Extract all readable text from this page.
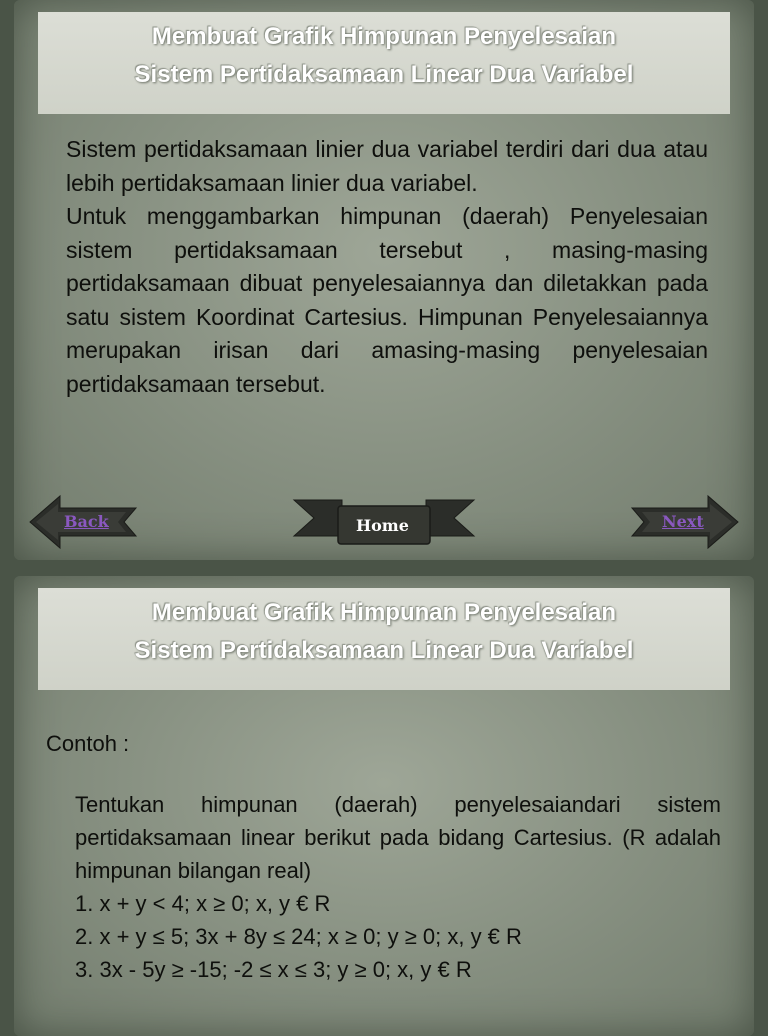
Membuat Grafik Himpunan Penyelesaian
Sistem Pertidaksamaan Linear Dua Variabel

Sistem pertidaksamaan linier dua variabel terdiri dari dua atau lebih pertidaksamaan linier dua variabel.

Untuk menggambarkan himpunan (daerah) Penyelesaian sistem pertidaksamaan tersebut , masing-masing pertidaksamaan dibuat penyelesaiannya dan diletakkan pada satu sistem Koordinat Cartesius. Himpunan Penyelesaiannya merupakan irisan dari amasing-masing penyelesaian pertidaksamaan tersebut.

Back	Home	Next
Membuat Grafik Himpunan Penyelesaian
Sistem Pertidaksamaan Linear Dua Variabel
Contoh :

Tentukan himpunan (daerah) penyelesaiandari sistem pertidaksamaan linear berikut pada bidang Cartesius. (R adalah himpunan bilangan real)

1. x + y < 4; x ≥ 0; x, y € R
2. x + y ≤ 5; 3x + 8y ≤ 24; x ≥ 0; y ≥ 0; x, y € R
3. 3x - 5y ≥ -15; -2 ≤ x ≤ 3; y ≥ 0; x, y € R
